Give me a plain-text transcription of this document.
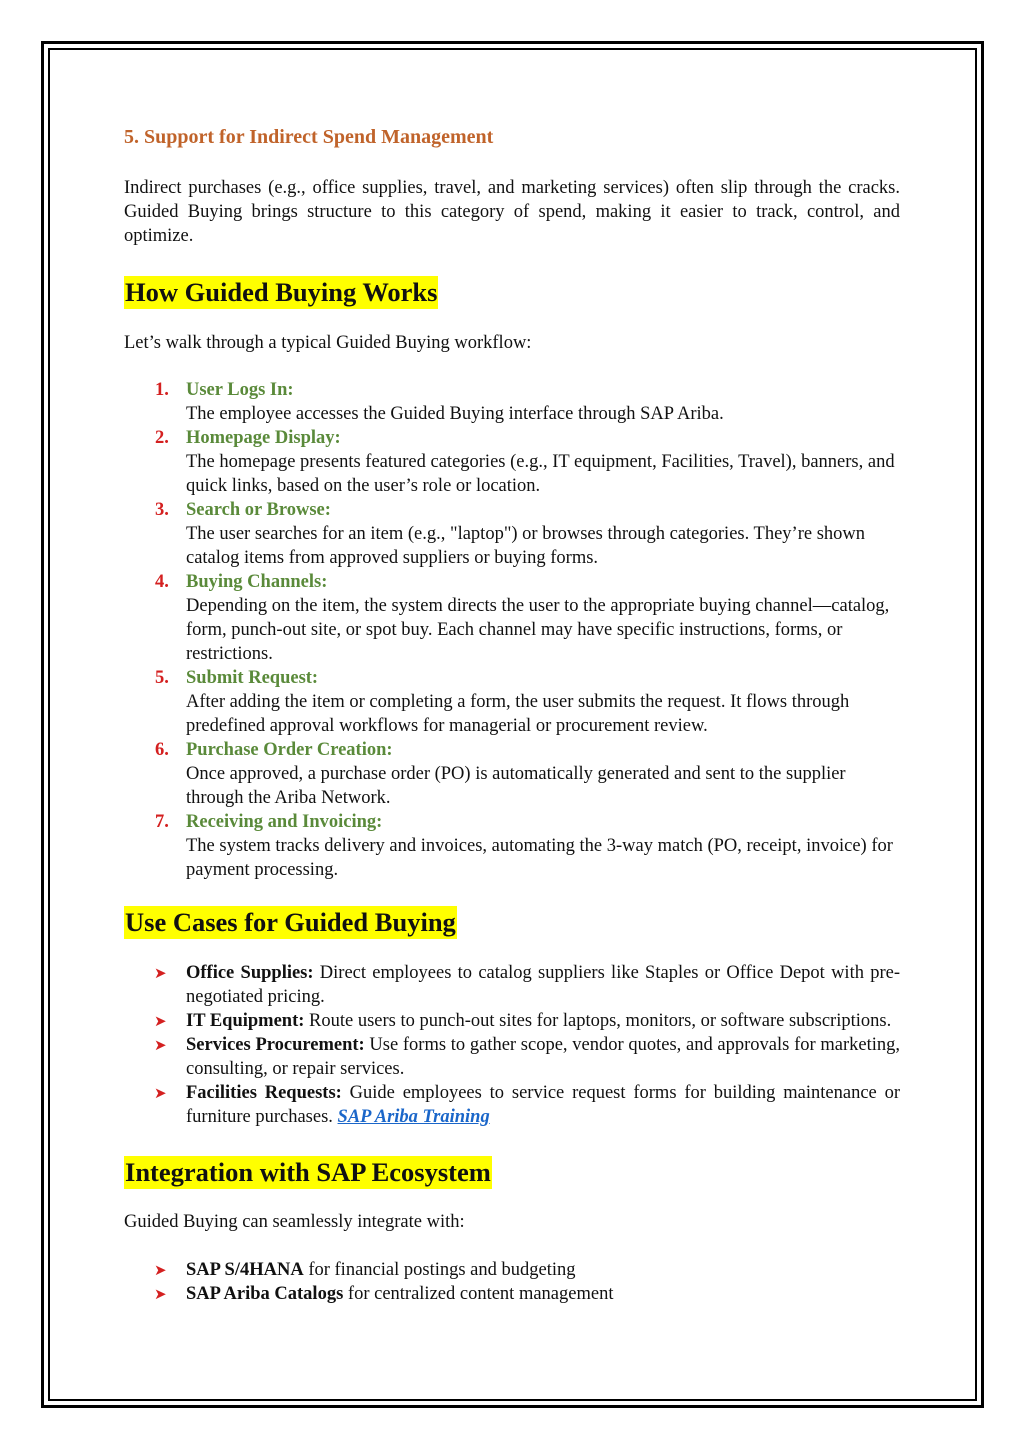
5. Support for Indirect Spend Management

Indirect purchases (e.g., office supplies, travel, and marketing services) often slip through the cracks. Guided Buying brings structure to this category of spend, making it easier to track, control, and optimize.

How Guided Buying Works

Let’s walk through a typical Guided Buying workflow:

1. User Logs In:
The employee accesses the Guided Buying interface through SAP Ariba.
2. Homepage Display:
The homepage presents featured categories (e.g., IT equipment, Facilities, Travel), banners, and quick links, based on the user’s role or location.
3. Search or Browse:
The user searches for an item (e.g., "laptop") or browses through categories. They’re shown catalog items from approved suppliers or buying forms.
4. Buying Channels:
Depending on the item, the system directs the user to the appropriate buying channel—catalog, form, punch-out site, or spot buy. Each channel may have specific instructions, forms, or restrictions.
5. Submit Request:
After adding the item or completing a form, the user submits the request. It flows through predefined approval workflows for managerial or procurement review.
6. Purchase Order Creation:
Once approved, a purchase order (PO) is automatically generated and sent to the supplier through the Ariba Network.
7. Receiving and Invoicing:
The system tracks delivery and invoices, automating the 3-way match (PO, receipt, invoice) for payment processing.
Use Cases for Guided Buying
➤ Office Supplies: Direct employees to catalog suppliers like Staples or Office Depot with pre-negotiated pricing.
➤ IT Equipment: Route users to punch-out sites for laptops, monitors, or software subscriptions.
➤ Services Procurement: Use forms to gather scope, vendor quotes, and approvals for marketing, consulting, or repair services.
➤ Facilities Requests: Guide employees to service request forms for building maintenance or furniture purchases. SAP Ariba Training
Integration with SAP Ecosystem

Guided Buying can seamlessly integrate with:

➤ SAP S/4HANA for financial postings and budgeting
➤ SAP Ariba Catalogs for centralized content management
